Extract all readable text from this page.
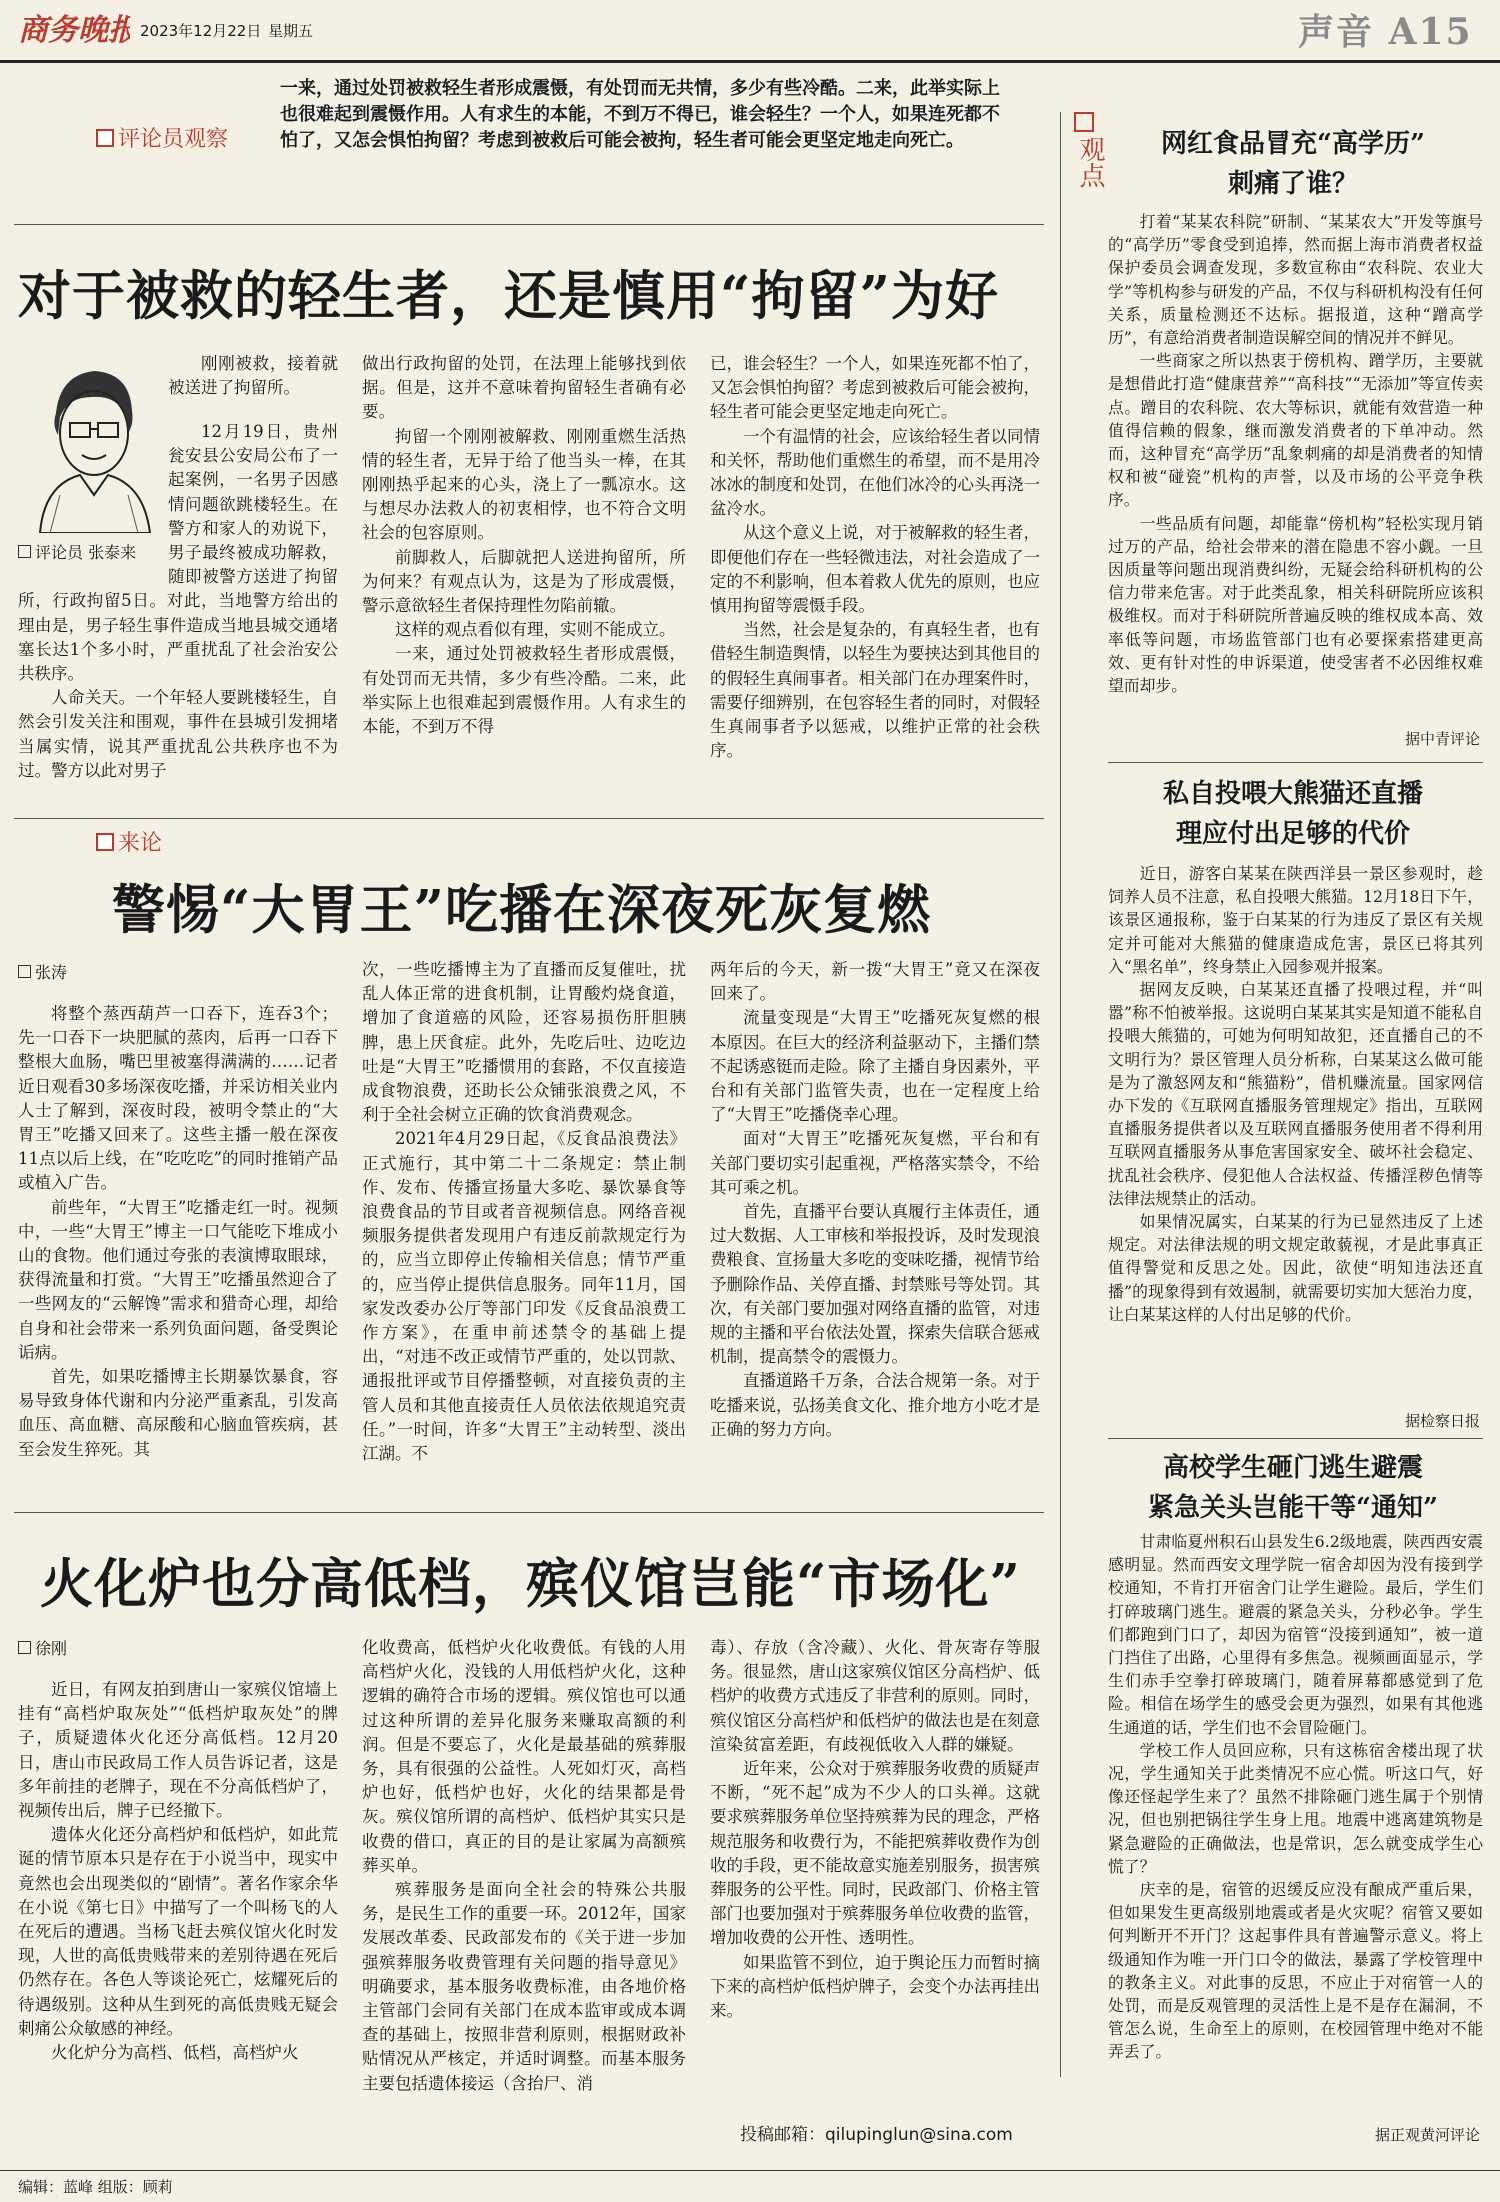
商务晚报 2023年12月22日 星期五	声音 A15
评论员观察
一来，通过处罚被救轻生者形成震慑，有处罚而无共情，多少有些冷酷。二来，此举实际上也很难起到震慑作用。人有求生的本能，不到万不得已，谁会轻生？一个人，如果连死都不怕了，又怎会惧怕拘留？考虑到被救后可能会被拘，轻生者可能会更坚定地走向死亡。
对于被救的轻生者，还是慎用“拘留”为好
评论员 张泰来

刚刚被救，接着就被送进了拘留所。

12月19日，贵州瓮安县公安局公布了一起案例，一名男子因感情问题欲跳楼轻生。在警方和家人的劝说下，男子最终被成功解救，随即被警方送进了拘留所，行政拘留5日。对此，当地警方给出的理由是，男子轻生事件造成当地县城交通堵塞长达1个多小时，严重扰乱了社会治安公共秩序。

人命关天。一个年轻人要跳楼轻生，自然会引发关注和围观，事件在县城引发拥堵当属实情，说其严重扰乱公共秩序也不为过。警方以此对男子

做出行政拘留的处罚，在法理上能够找到依据。但是，这并不意味着拘留轻生者确有必要。

拘留一个刚刚被解救、刚刚重燃生活热情的轻生者，无异于给了他当头一棒，在其刚刚热乎起来的心头，浇上了一瓢凉水。这与想尽办法救人的初衷相悖，也不符合文明社会的包容原则。

前脚救人，后脚就把人送进拘留所，所为何来？有观点认为，这是为了形成震慑，警示意欲轻生者保持理性勿陷前辙。

这样的观点看似有理，实则不能成立。

一来，通过处罚被救轻生者形成震慑，有处罚而无共情，多少有些冷酷。二来，此举实际上也很难起到震慑作用。人有求生的本能，不到万不得

已，谁会轻生？一个人，如果连死都不怕了，又怎会惧怕拘留？考虑到被救后可能会被拘，轻生者可能会更坚定地走向死亡。

一个有温情的社会，应该给轻生者以同情和关怀，帮助他们重燃生的希望，而不是用冷冰冰的制度和处罚，在他们冰冷的心头再浇一盆冷水。

从这个意义上说，对于被解救的轻生者，即便他们存在一些轻微违法，对社会造成了一定的不利影响，但本着救人优先的原则，也应慎用拘留等震慑手段。

当然，社会是复杂的，有真轻生者，也有借轻生制造舆情，以轻生为要挟达到其他目的的假轻生真闹事者。相关部门在办理案件时，需要仔细辨别，在包容轻生者的同时，对假轻生真闹事者予以惩戒，以维护正常的社会秩序。

来论
警惕“大胃王”吃播在深夜死灰复燃
张涛

将整个蒸西葫芦一口吞下，连吞3个；先一口吞下一块肥腻的蒸肉，后再一口吞下整根大血肠，嘴巴里被塞得满满的……记者近日观看30多场深夜吃播，并采访相关业内人士了解到，深夜时段，被明令禁止的“大胃王”吃播又回来了。这些主播一般在深夜11点以后上线，在“吃吃吃”的同时推销产品或植入广告。

前些年，“大胃王”吃播走红一时。视频中，一些“大胃王”博主一口气能吃下堆成小山的食物。他们通过夸张的表演博取眼球，获得流量和打赏。“大胃王”吃播虽然迎合了一些网友的“云解馋”需求和猎奇心理，却给自身和社会带来一系列负面问题，备受舆论诟病。

首先，如果吃播博主长期暴饮暴食，容易导致身体代谢和内分泌严重紊乱，引发高血压、高血糖、高尿酸和心脑血管疾病，甚至会发生猝死。其

次，一些吃播博主为了直播而反复催吐，扰乱人体正常的进食机制，让胃酸灼烧食道，增加了食道癌的风险，还容易损伤肝胆胰脾，患上厌食症。此外，先吃后吐、边吃边吐是“大胃王”吃播惯用的套路，不仅直接造成食物浪费，还助长公众铺张浪费之风，不利于全社会树立正确的饮食消费观念。

2021年4月29日起，《反食品浪费法》正式施行，其中第二十二条规定：禁止制作、发布、传播宣扬量大多吃、暴饮暴食等浪费食品的节目或者音视频信息。网络音视频服务提供者发现用户有违反前款规定行为的，应当立即停止传输相关信息；情节严重的，应当停止提供信息服务。同年11月，国家发改委办公厅等部门印发《反食品浪费工作方案》，在重申前述禁令的基础上提出，“对违不改正或情节严重的，处以罚款、通报批评或节目停播整顿，对直接负责的主管人员和其他直接责任人员依法依规追究责任。”一时间，许多“大胃王”主动转型、淡出江湖。不

两年后的今天，新一拨“大胃王”竟又在深夜回来了。

流量变现是“大胃王”吃播死灰复燃的根本原因。在巨大的经济利益驱动下，主播们禁不起诱惑铤而走险。除了主播自身因素外，平台和有关部门监管失责，也在一定程度上给了“大胃王”吃播侥幸心理。

面对“大胃王”吃播死灰复燃，平台和有关部门要切实引起重视，严格落实禁令，不给其可乘之机。

首先，直播平台要认真履行主体责任，通过大数据、人工审核和举报投诉，及时发现浪费粮食、宣扬量大多吃的变味吃播，视情节给予删除作品、关停直播、封禁账号等处罚。其次，有关部门要加强对网络直播的监管，对违规的主播和平台依法处置，探索失信联合惩戒机制，提高禁令的震慑力。

直播道路千万条，合法合规第一条。对于吃播来说，弘扬美食文化、推介地方小吃才是正确的努力方向。

火化炉也分高低档，殡仪馆岂能“市场化”
徐刚

近日，有网友拍到唐山一家殡仪馆墙上挂有“高档炉取灰处”“低档炉取灰处”的牌子，质疑遗体火化还分高低档。12月20日，唐山市民政局工作人员告诉记者，这是多年前挂的老牌子，现在不分高低档炉了，视频传出后，牌子已经撤下。

遗体火化还分高档炉和低档炉，如此荒诞的情节原本只是存在于小说当中，现实中竟然也会出现类似的“剧情”。著名作家余华在小说《第七日》中描写了一个叫杨飞的人在死后的遭遇。当杨飞赶去殡仪馆火化时发现，人世的高低贵贱带来的差别待遇在死后仍然存在。各色人等谈论死亡，炫耀死后的待遇级别。这种从生到死的高低贵贱无疑会刺痛公众敏感的神经。

火化炉分为高档、低档，高档炉火

化收费高，低档炉火化收费低。有钱的人用高档炉火化，没钱的人用低档炉火化，这种逻辑的确符合市场的逻辑。殡仪馆也可以通过这种所谓的差异化服务来赚取高额的利润。但是不要忘了，火化是最基础的殡葬服务，具有很强的公益性。人死如灯灭，高档炉也好，低档炉也好，火化的结果都是骨灰。殡仪馆所谓的高档炉、低档炉其实只是收费的借口，真正的目的是让家属为高额殡葬买单。

殡葬服务是面向全社会的特殊公共服务，是民生工作的重要一环。2012年，国家发展改革委、民政部发布的《关于进一步加强殡葬服务收费管理有关问题的指导意见》明确要求，基本服务收费标准，由各地价格主管部门会同有关部门在成本监审或成本调查的基础上，按照非营利原则，根据财政补贴情况从严核定，并适时调整。而基本服务主要包括遗体接运（含抬尸、消

毒）、存放（含冷藏）、火化、骨灰寄存等服务。很显然，唐山这家殡仪馆区分高档炉、低档炉的收费方式违反了非营利的原则。同时，殡仪馆区分高档炉和低档炉的做法也是在刻意渲染贫富差距，有歧视低收入人群的嫌疑。

近年来，公众对于殡葬服务收费的质疑声不断，“死不起”成为不少人的口头禅。这就要求殡葬服务单位坚持殡葬为民的理念，严格规范服务和收费行为，不能把殡葬收费作为创收的手段，更不能故意实施差别服务，损害殡葬服务的公平性。同时，民政部门、价格主管部门也要加强对于殡葬服务单位收费的监管，增加收费的公开性、透明性。

如果监管不到位，迫于舆论压力而暂时摘下来的高档炉低档炉牌子，会变个办法再挂出来。

投稿邮箱：qilupinglun@sina.com
观点	网红食品冒充“高学历”
刺痛了谁？

打着“某某农科院”研制、“某某农大”开发等旗号的“高学历”零食受到追捧，然而据上海市消费者权益保护委员会调查发现，多数宣称由“农科院、农业大学”等机构参与研发的产品，不仅与科研机构没有任何关系，质量检测还不达标。据报道，这种“蹭高学历”，有意给消费者制造误解空间的情况并不鲜见。

一些商家之所以热衷于傍机构、蹭学历，主要就是想借此打造“健康营养”“高科技”“无添加”等宣传卖点。蹭目的农科院、农大等标识，就能有效营造一种值得信赖的假象，继而激发消费者的下单冲动。然而，这种冒充“高学历”乱象刺痛的却是消费者的知情权和被“碰瓷”机构的声誉，以及市场的公平竞争秩序。

一些品质有问题，却能靠“傍机构”轻松实现月销过万的产品，给社会带来的潜在隐患不容小觑。一旦因质量等问题出现消费纠纷，无疑会给科研机构的公信力带来危害。对于此类乱象，相关科研院所应该积极维权。而对于科研院所普遍反映的维权成本高、效率低等问题，市场监管部门也有必要探索搭建更高效、更有针对性的申诉渠道，使受害者不必因维权难望而却步。

据中青评论
私自投喂大熊猫还直播
理应付出足够的代价

近日，游客白某某在陕西洋县一景区参观时，趁饲养人员不注意，私自投喂大熊猫。12月18日下午，该景区通报称，鉴于白某某的行为违反了景区有关规定并可能对大熊猫的健康造成危害，景区已将其列入“黑名单”，终身禁止入园参观并报案。

据网友反映，白某某还直播了投喂过程，并“叫嚣”称不怕被举报。这说明白某某其实是知道不能私自投喂大熊猫的，可她为何明知故犯，还直播自己的不文明行为？景区管理人员分析称，白某某这么做可能是为了激怒网友和“熊猫粉”，借机赚流量。国家网信办下发的《互联网直播服务管理规定》指出，互联网直播服务提供者以及互联网直播服务使用者不得利用互联网直播服务从事危害国家安全、破坏社会稳定、扰乱社会秩序、侵犯他人合法权益、传播淫秽色情等法律法规禁止的活动。

如果情况属实，白某某的行为已显然违反了上述规定。对法律法规的明文规定敢藐视，才是此事真正值得警觉和反思之处。因此，欲使“明知违法还直播”的现象得到有效遏制，就需要切实加大惩治力度，让白某某这样的人付出足够的代价。

据检察日报
高校学生砸门逃生避震
紧急关头岂能干等“通知”

甘肃临夏州积石山县发生6.2级地震，陕西西安震感明显。然而西安文理学院一宿舍却因为没有接到学校通知，不肯打开宿舍门让学生避险。最后，学生们打碎玻璃门逃生。避震的紧急关头，分秒必争。学生们都跑到门口了，却因为宿管“没接到通知”，被一道门挡住了出路，心里得有多焦急。视频画面显示，学生们赤手空拳打碎玻璃门，随着屏幕都感觉到了危险。相信在场学生的感受会更为强烈，如果有其他逃生通道的话，学生们也不会冒险砸门。

学校工作人员回应称，只有这栋宿舍楼出现了状况，学生通知关于此类情况不应心慌。听这口气，好像还怪起学生来了？虽然不排除砸门逃生属于个别情况，但也别把锅往学生身上甩。地震中逃离建筑物是紧急避险的正确做法，也是常识，怎么就变成学生心慌了？

庆幸的是，宿管的迟缓反应没有酿成严重后果，但如果发生更高级别地震或者是火灾呢？宿管又要如何判断开不开门？这起事件具有普遍警示意义。将上级通知作为唯一开门口令的做法，暴露了学校管理中的教条主义。对此事的反思，不应止于对宿管一人的处罚，而是反观管理的灵活性上是不是存在漏洞，不管怎么说，生命至上的原则，在校园管理中绝对不能弄丢了。

据正观黄河评论
编辑：蓝峰 组版：顾莉
